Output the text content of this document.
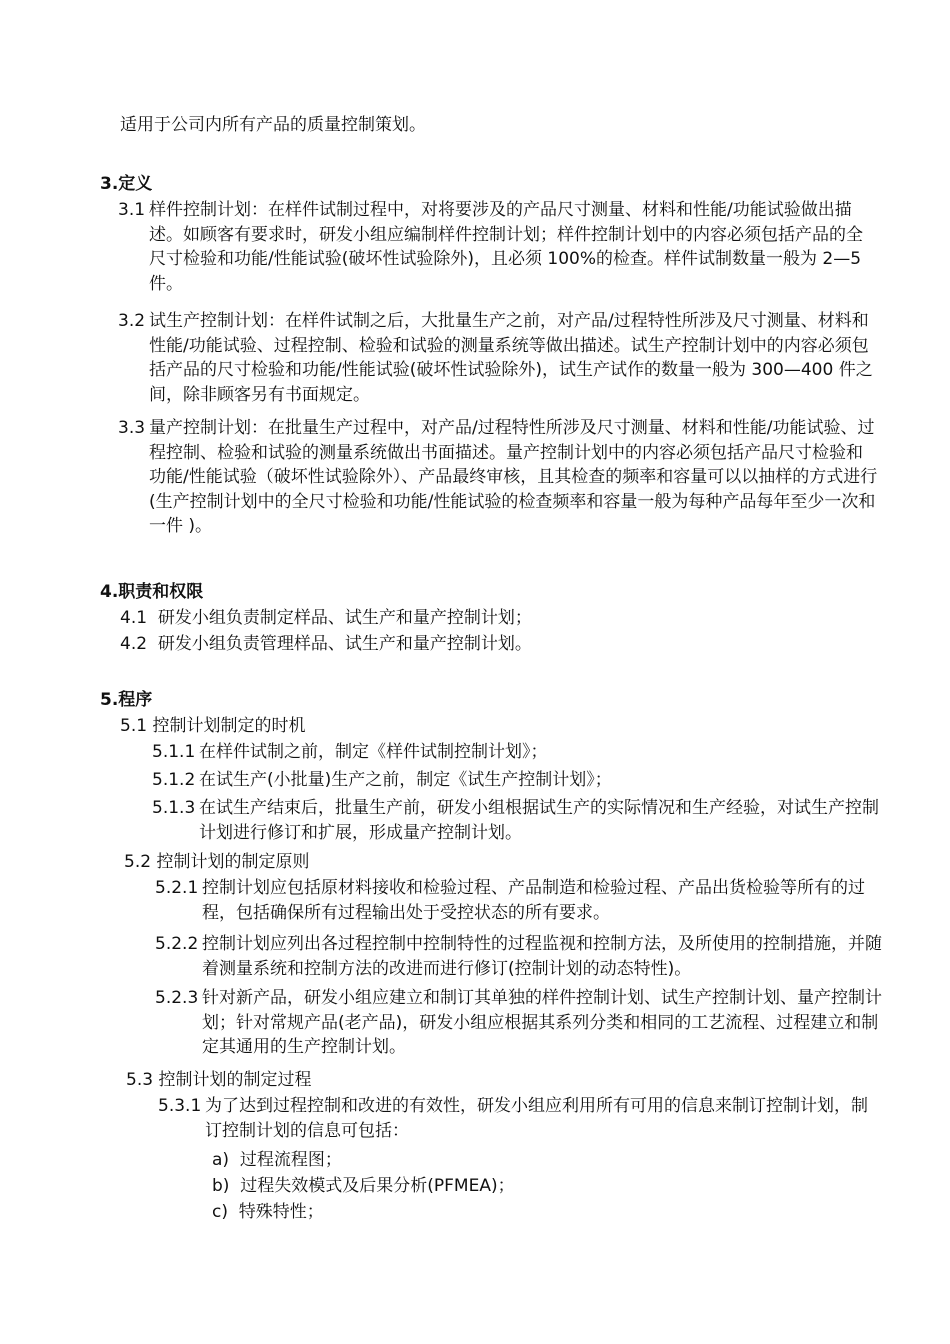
适用于公司内所有产品的质量控制策划。
3.定义
3.1 样件控制计划：在样件试制过程中，对将要涉及的产品尺寸测量、材料和性能/功能试验做出描述。如顾客有要求时，研发小组应编制样件控制计划；样件控制计划中的内容必须包括产品的全尺寸检验和功能/性能试验(破坏性试验除外)，且必须 100%的检查。样件试制数量一般为 2—5 件。
3.2 试生产控制计划：在样件试制之后，大批量生产之前，对产品/过程特性所涉及尺寸测量、材料和性能/功能试验、过程控制、检验和试验的测量系统等做出描述。试生产控制计划中的内容必须包括产品的尺寸检验和功能/性能试验(破坏性试验除外)，试生产试作的数量一般为 300—400 件之间，除非顾客另有书面规定。
3.3 量产控制计划：在批量生产过程中，对产品/过程特性所涉及尺寸测量、材料和性能/功能试验、过程控制、检验和试验的测量系统做出书面描述。量产控制计划中的内容必须包括产品尺寸检验和功能/性能试验（破坏性试验除外）、产品最终审核，且其检查的频率和容量可以以抽样的方式进行 (生产控制计划中的全尺寸检验和功能/性能试验的检查频率和容量一般为每种产品每年至少一次和一件 )。
4.职责和权限
4.1 研发小组负责制定样品、试生产和量产控制计划；
4.2 研发小组负责管理样品、试生产和量产控制计划。
5.程序
5.1 控制计划制定的时机
5.1.1 在样件试制之前，制定《样件试制控制计划》；
5.1.2 在试生产(小批量)生产之前，制定《试生产控制计划》；
5.1.3 在试生产结束后，批量生产前，研发小组根据试生产的实际情况和生产经验，对试生产控制计划进行修订和扩展，形成量产控制计划。
5.2 控制计划的制定原则
5.2.1 控制计划应包括原材料接收和检验过程、产品制造和检验过程、产品出货检验等所有的过程，包括确保所有过程输出处于受控状态的所有要求。
5.2.2 控制计划应列出各过程控制中控制特性的过程监视和控制方法，及所使用的控制措施，并随着测量系统和控制方法的改进而进行修订(控制计划的动态特性)。
5.2.3 针对新产品，研发小组应建立和制订其单独的样件控制计划、试生产控制计划、量产控制计划；针对常规产品(老产品)，研发小组应根据其系列分类和相同的工艺流程、过程建立和制定其通用的生产控制计划。
5.3 控制计划的制定过程
5.3.1 为了达到过程控制和改进的有效性，研发小组应利用所有可用的信息来制订控制计划，制订控制计划的信息可包括：
a) 过程流程图；
b) 过程失效模式及后果分析(PFMEA)；
c) 特殊特性；
